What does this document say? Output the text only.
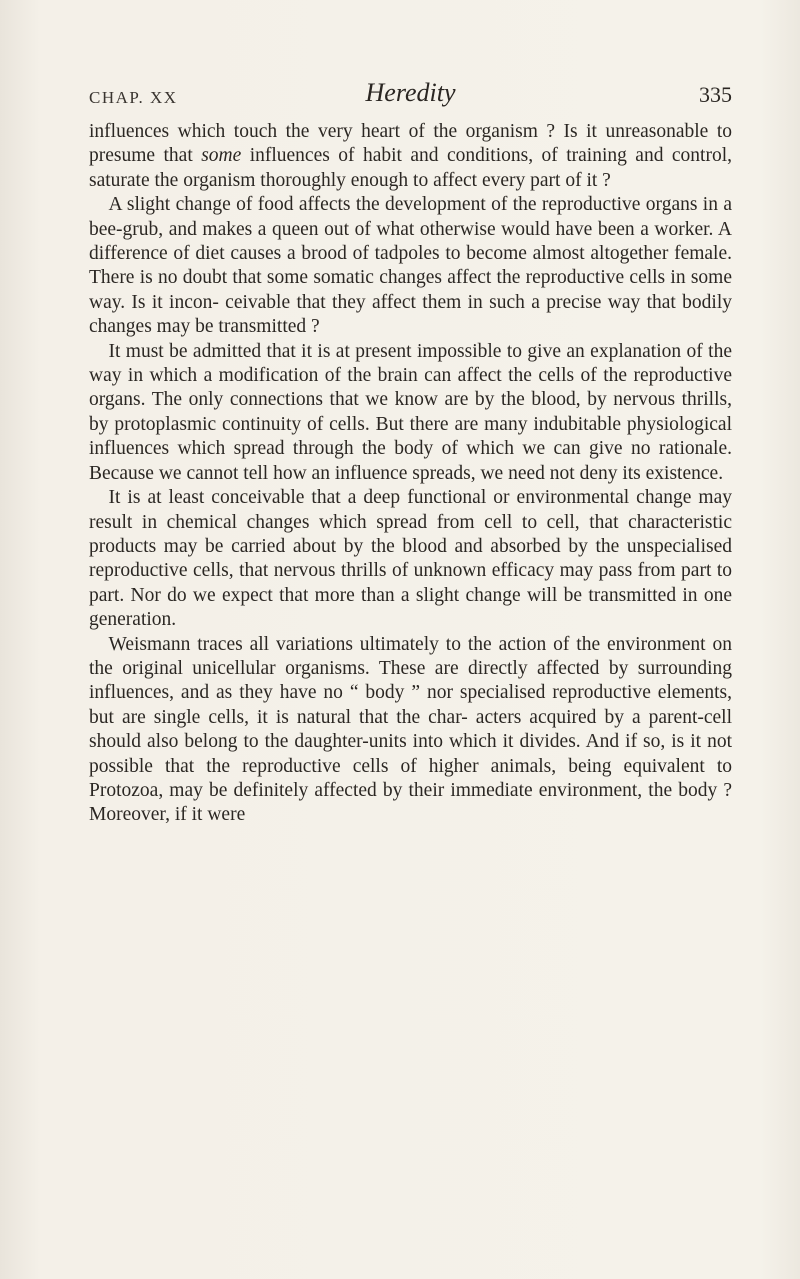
CHAP. XX	Heredity	335

influences which touch the very heart of the organism ? Is it unreasonable to presume that some influences of habit and conditions, of training and control, saturate the organism thoroughly enough to affect every part of it ?

A slight change of food affects the development of the reproductive organs in a bee-grub, and makes a queen out of what otherwise would have been a worker. A difference of diet causes a brood of tadpoles to become almost altogether female. There is no doubt that some somatic changes affect the reproductive cells in some way. Is it incon- ceivable that they affect them in such a precise way that bodily changes may be transmitted ?

It must be admitted that it is at present impossible to give an explanation of the way in which a modification of the brain can affect the cells of the reproductive organs. The only connections that we know are by the blood, by nervous thrills, by protoplasmic continuity of cells. But there are many indubitable physiological influences which spread through the body of which we can give no rationale. Because we cannot tell how an influence spreads, we need not deny its existence.

It is at least conceivable that a deep functional or environmental change may result in chemical changes which spread from cell to cell, that characteristic products may be carried about by the blood and absorbed by the unspecialised reproductive cells, that nervous thrills of unknown efficacy may pass from part to part. Nor do we expect that more than a slight change will be transmitted in one generation.

Weismann traces all variations ultimately to the action of the environment on the original unicellular organisms. These are directly affected by surrounding influences, and as they have no “ body ” nor specialised reproductive elements, but are single cells, it is natural that the char- acters acquired by a parent-cell should also belong to the daughter-units into which it divides. And if so, is it not possible that the reproductive cells of higher animals, being equivalent to Protozoa, may be definitely affected by their immediate environment, the body ? Moreover, if it were
